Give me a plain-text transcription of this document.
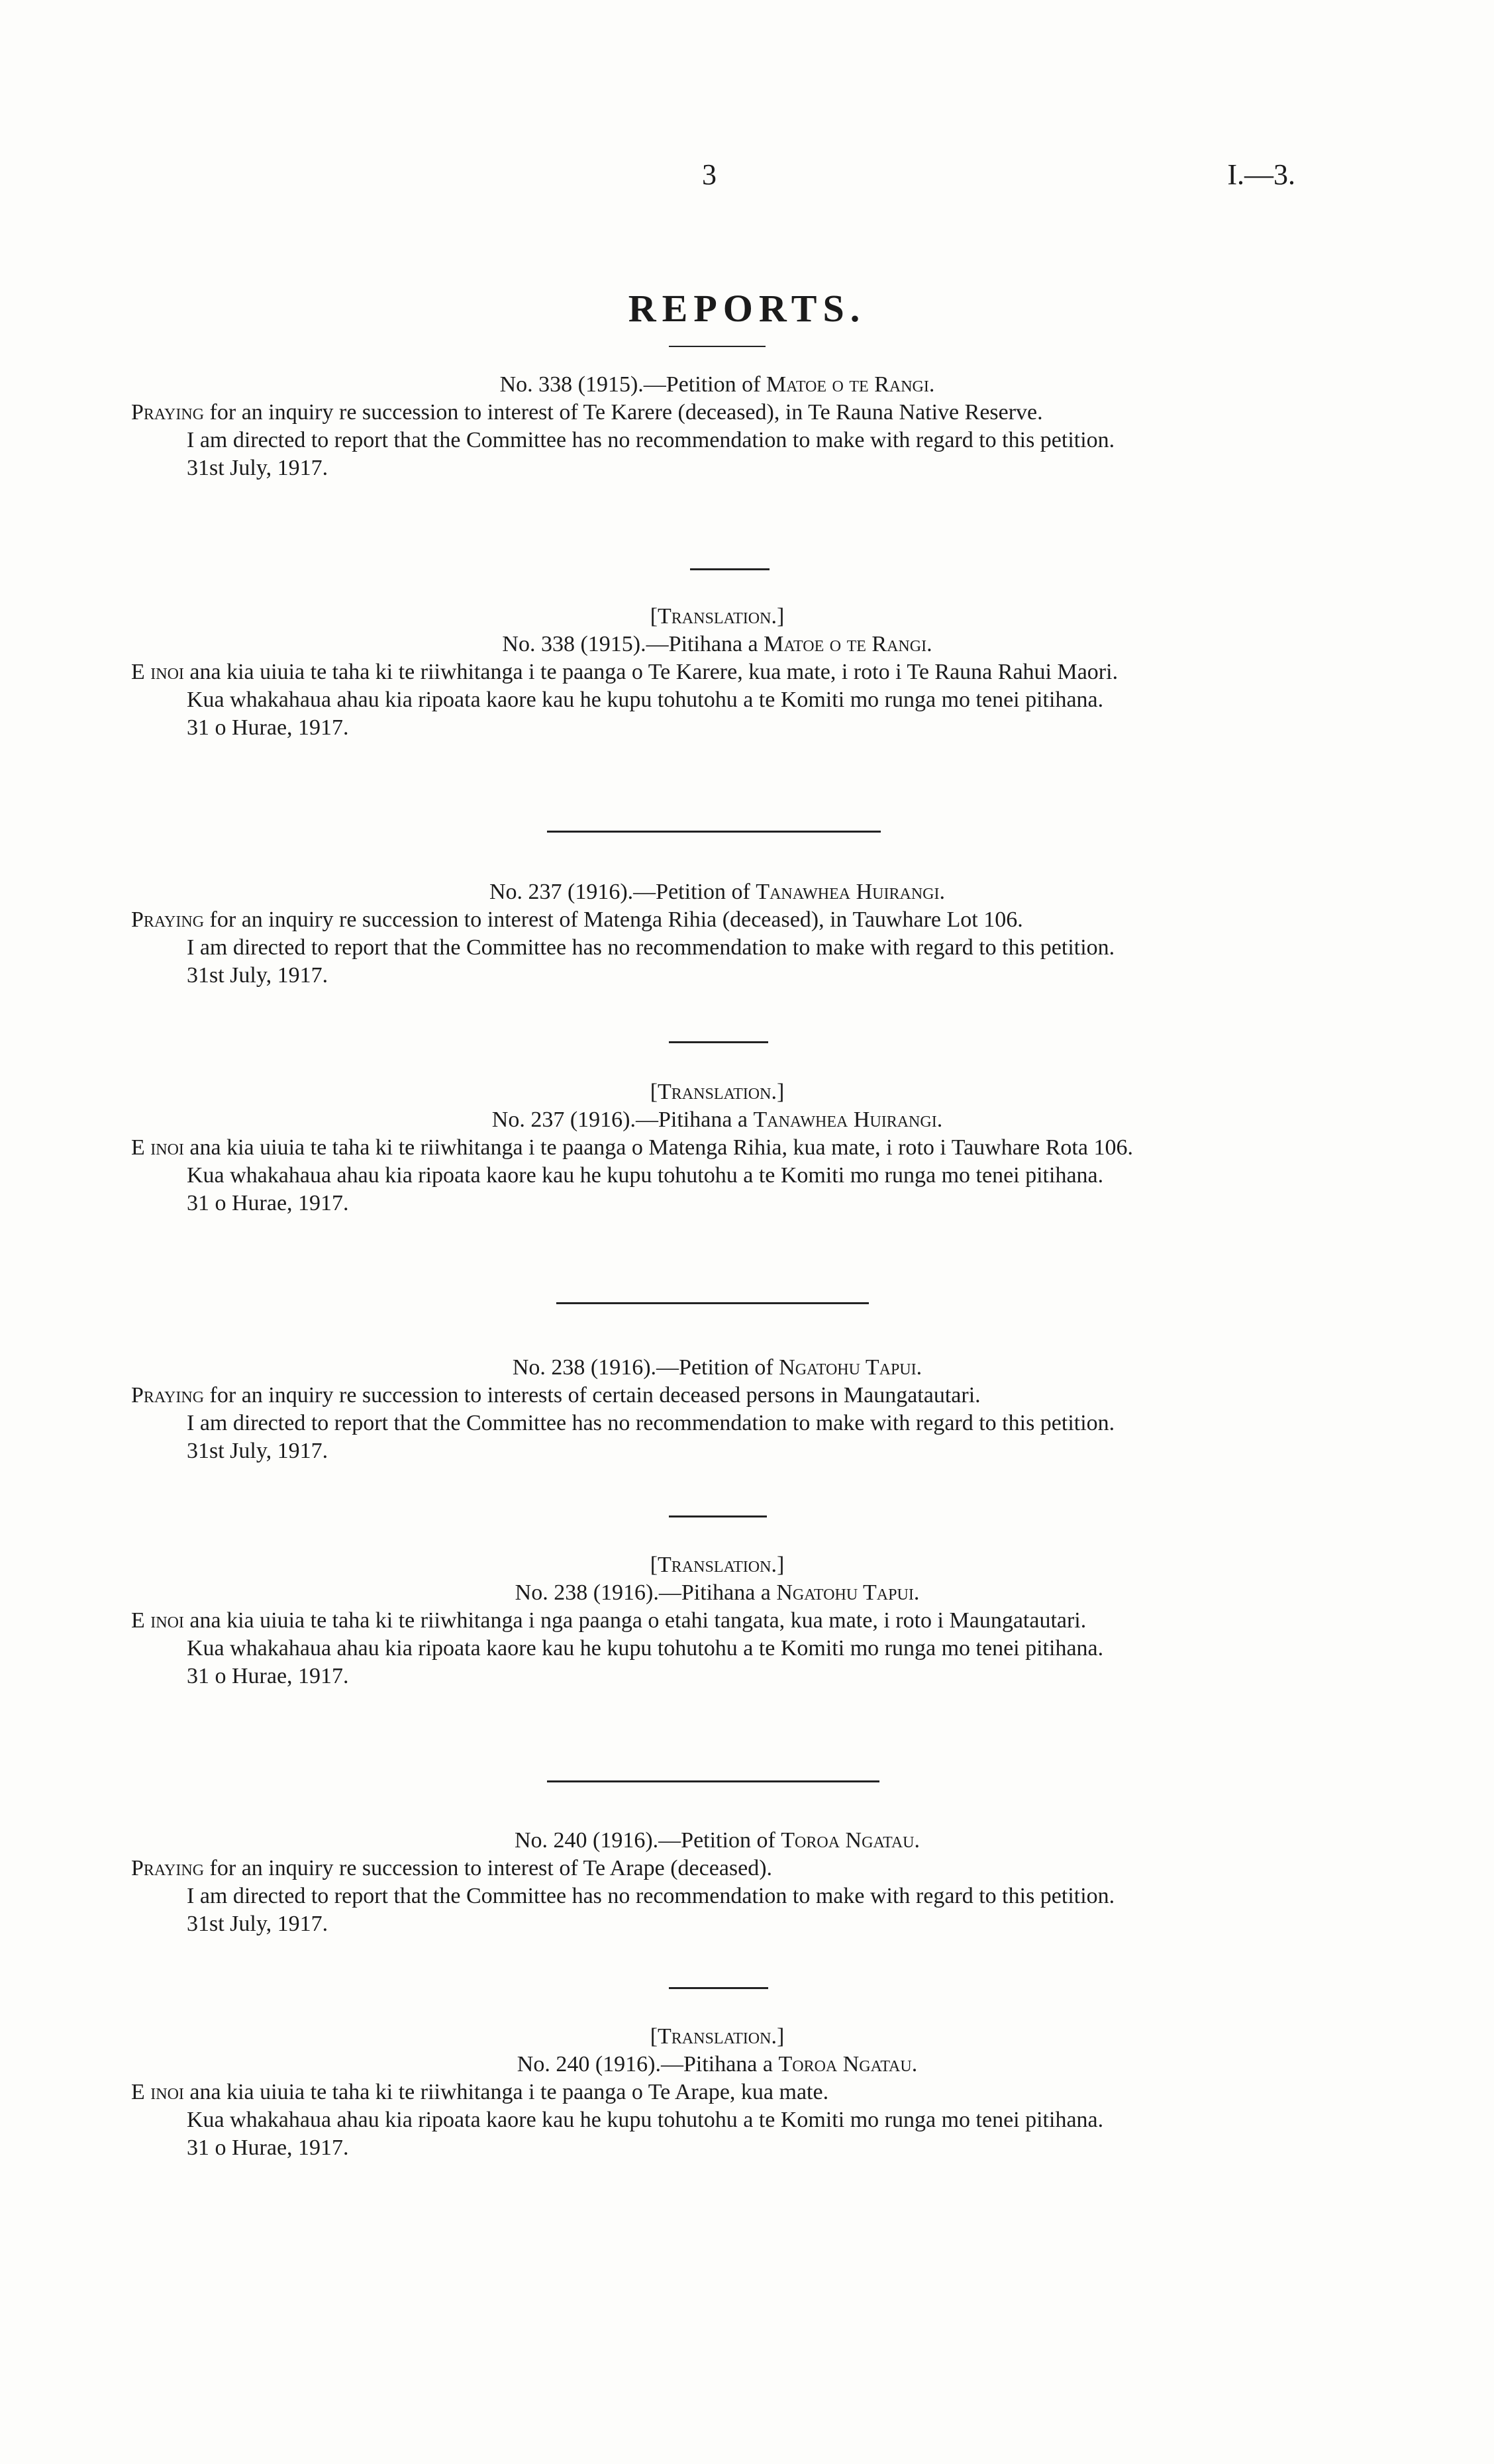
3	I.—3.
REPORTS.

No. 338 (1915).—Petition of Matoe o te Rangi.

Praying for an inquiry re succession to interest of Te Karere (deceased), in Te Rauna Native Reserve.

I am directed to report that the Committee has no recommendation to make with regard to this petition.

31st July, 1917.

[Translation.]

No. 338 (1915).—Pitihana a Matoe o te Rangi.

E inoi ana kia uiuia te taha ki te riiwhitanga i te paanga o Te Karere, kua mate, i roto i Te Rauna Rahui Maori.

Kua whakahaua ahau kia ripoata kaore kau he kupu tohutohu a te Komiti mo runga mo tenei pitihana.

31 o Hurae, 1917.

No. 237 (1916).—Petition of Tanawhea Huirangi.

Praying for an inquiry re succession to interest of Matenga Rihia (deceased), in Tauwhare Lot 106.

I am directed to report that the Committee has no recommendation to make with regard to this petition.

31st July, 1917.

[Translation.]

No. 237 (1916).—Pitihana a Tanawhea Huirangi.

E inoi ana kia uiuia te taha ki te riiwhitanga i te paanga o Matenga Rihia, kua mate, i roto i Tauwhare Rota 106.

Kua whakahaua ahau kia ripoata kaore kau he kupu tohutohu a te Komiti mo runga mo tenei pitihana.

31 o Hurae, 1917.

No. 238 (1916).—Petition of Ngatohu Tapui.

Praying for an inquiry re succession to interests of certain deceased persons in Maungatautari.

I am directed to report that the Committee has no recommendation to make with regard to this petition.

31st July, 1917.

[Translation.]

No. 238 (1916).—Pitihana a Ngatohu Tapui.

E inoi ana kia uiuia te taha ki te riiwhitanga i nga paanga o etahi tangata, kua mate, i roto i Maungatautari.

Kua whakahaua ahau kia ripoata kaore kau he kupu tohutohu a te Komiti mo runga mo tenei pitihana.

31 o Hurae, 1917.

No. 240 (1916).—Petition of Toroa Ngatau.

Praying for an inquiry re succession to interest of Te Arape (deceased).

I am directed to report that the Committee has no recommendation to make with regard to this petition.

31st July, 1917.

[Translation.]

No. 240 (1916).—Pitihana a Toroa Ngatau.

E inoi ana kia uiuia te taha ki te riiwhitanga i te paanga o Te Arape, kua mate.

Kua whakahaua ahau kia ripoata kaore kau he kupu tohutohu a te Komiti mo runga mo tenei pitihana.

31 o Hurae, 1917.
